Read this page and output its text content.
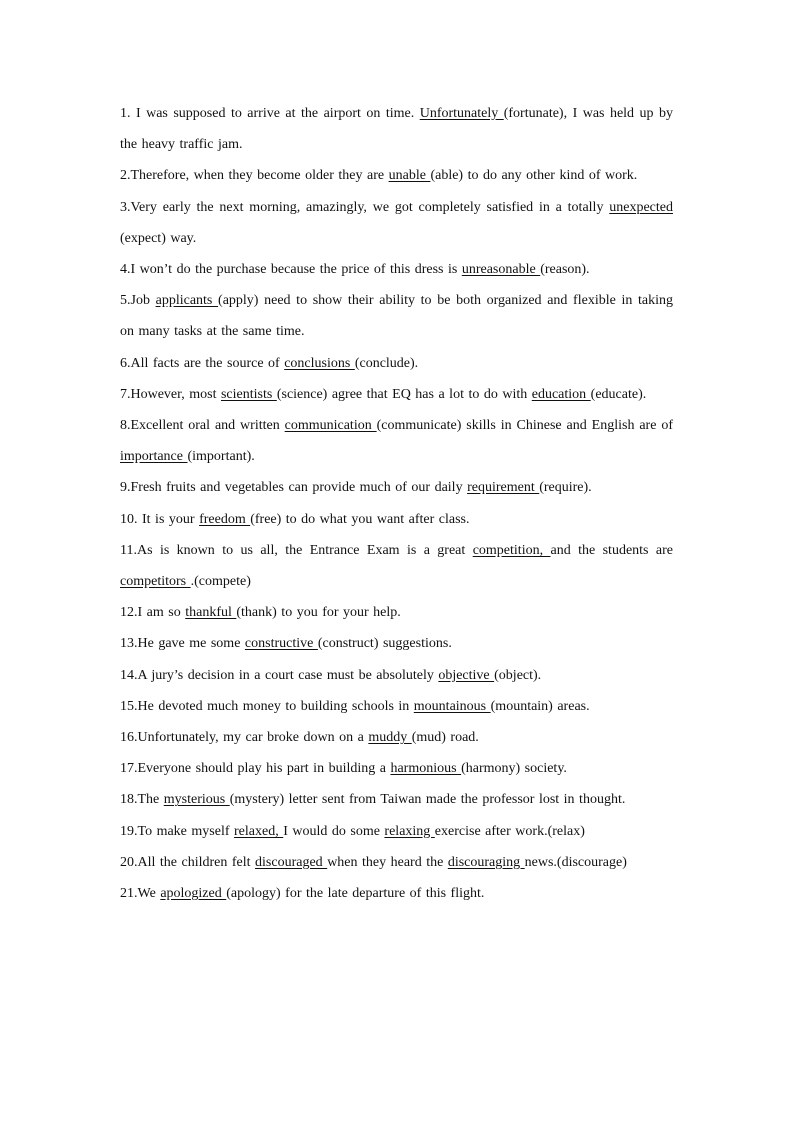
1. I was supposed to arrive at the airport on time. Unfortunately (fortunate), I was held up by the heavy traffic jam.

2.Therefore, when they become older they are unable (able) to do any other kind of work.

3.Very early the next morning, amazingly, we got completely satisfied in a totally unexpected (expect) way.

4.I won’t do the purchase because the price of this dress is unreasonable (reason).

5.Job applicants (apply) need to show their ability to be both organized and flexible in taking on many tasks at the same time.

6.All facts are the source of conclusions (conclude).

7.However, most scientists (science) agree that EQ has a lot to do with education (educate).

8.Excellent oral and written communication (communicate) skills in Chinese and English are of importance (important).

9.Fresh fruits and vegetables can provide much of our daily requirement (require).

10. It is your freedom (free) to do what you want after class.

11.As is known to us all, the Entrance Exam is a great competition, and the students are competitors .(compete)

12.I am so thankful (thank) to you for your help.

13.He gave me some constructive (construct) suggestions.

14.A jury’s decision in a court case must be absolutely objective (object).

15.He devoted much money to building schools in mountainous (mountain) areas.

16.Unfortunately, my car broke down on a muddy (mud) road.

17.Everyone should play his part in building a harmonious (harmony) society.

18.The mysterious (mystery) letter sent from Taiwan made the professor lost in thought.

19.To make myself relaxed, I would do some relaxing exercise after work.(relax)

20.All the children felt discouraged when they heard the discouraging news.(discourage)

21.We apologized (apology) for the late departure of this flight.
